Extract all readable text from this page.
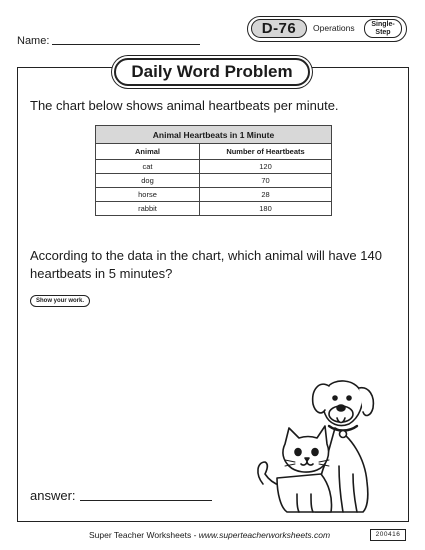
Name:
D-76	Operations	Single-
Step
Daily Word Problem
The chart below shows animal heartbeats per minute.
Animal Heartbeats in 1 Minute	
Animal	Number of Heartbeats
cat	120
dog	70
horse	28
rabbit	180
According to the data in the chart, which animal will have 140 heartbeats in 5 minutes?
Show your work.
answer:
Super Teacher Worksheets - www.superteacherworksheets.com	200416
